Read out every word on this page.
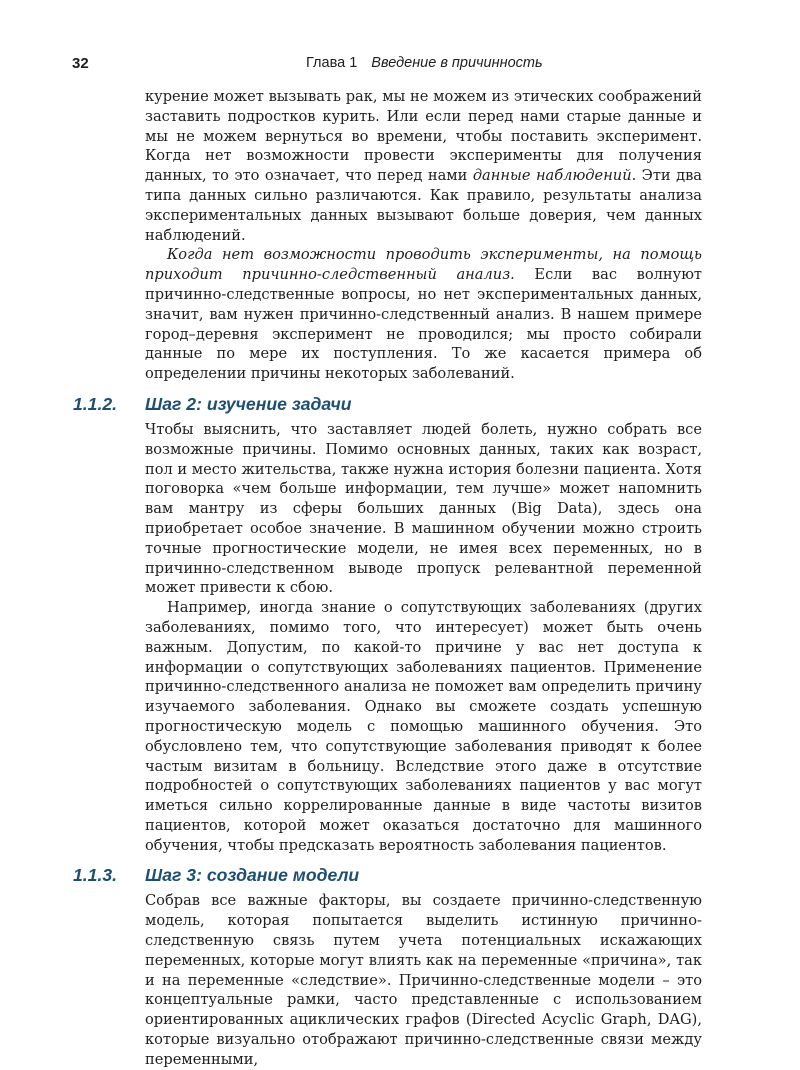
32	Глава 1 Введение в причинность

курение может вызывать рак, мы не можем из этических соображений заставить подростков курить. Или если перед нами старые данные и мы не можем вернуться во времени, чтобы поставить эксперимент. Когда нет возможности провести эксперименты для получения данных, то это означает, что перед нами данные наблюдений. Эти два типа данных сильно различаются. Как правило, результаты анализа экспериментальных данных вызывают больше доверия, чем данных наблюдений.

Когда нет возможности проводить эксперименты, на помощь приходит причинно-следственный анализ. Если вас волнуют причинно-следственные вопросы, но нет экспериментальных данных, значит, вам нужен причинно-следственный анализ. В нашем примере город–деревня эксперимент не проводился; мы просто собирали данные по мере их поступления. То же касается примера об определении причины некоторых заболеваний.

1.1.2. Шаг 2: изучение задачи

Чтобы выяснить, что заставляет людей болеть, нужно собрать все возможные причины. Помимо основных данных, таких как возраст, пол и место жительства, также нужна история болезни пациента. Хотя поговорка «чем больше информации, тем лучше» может напомнить вам мантру из сферы больших данных (Big Data), здесь она приобретает особое значение. В машинном обучении можно строить точные прогностические модели, не имея всех переменных, но в причинно-следственном выводе пропуск релевантной переменной может привести к сбою.

Например, иногда знание о сопутствующих заболеваниях (других заболеваниях, помимо того, что интересует) может быть очень важным. Допустим, по какой-то причине у вас нет доступа к информации о сопутствующих заболеваниях пациентов. Применение причинно-следственного анализа не поможет вам определить причину изучаемого заболевания. Однако вы сможете создать успешную прогностическую модель с помощью машинного обучения. Это обусловлено тем, что сопутствующие заболевания приводят к более частым визитам в больницу. Вследствие этого даже в отсутствие подробностей о сопутствующих заболеваниях пациентов у вас могут иметься сильно коррелированные данные в виде частоты визитов пациентов, которой может оказаться достаточно для машинного обучения, чтобы предсказать вероятность заболевания пациентов.

1.1.3. Шаг 3: создание модели

Собрав все важные факторы, вы создаете причинно-следственную модель, которая попытается выделить истинную причинно-следственную связь путем учета потенциальных искажающих переменных, которые могут влиять как на переменные «причина», так и на переменные «следствие». Причинно-следственные модели – это концептуальные рамки, часто представленные с использованием ориентированных ациклических графов (Directed Acyclic Graph, DAG), которые визуально отображают причинно-следственные связи между переменными,
